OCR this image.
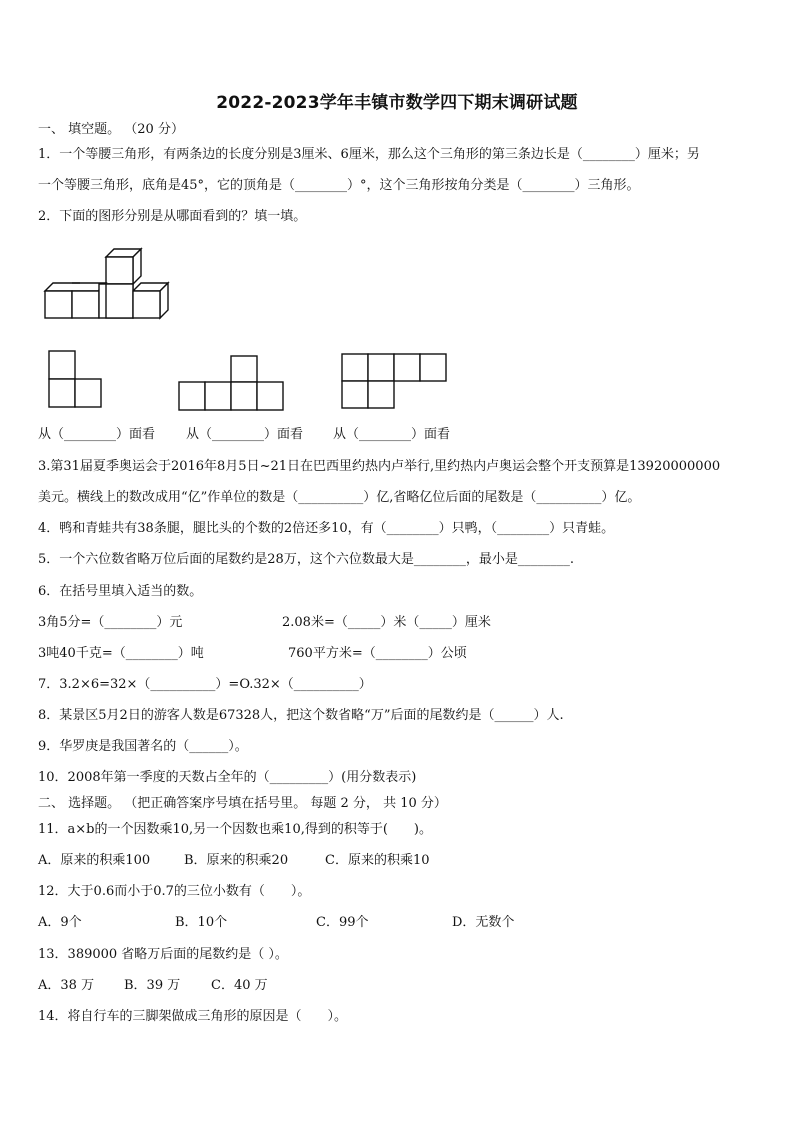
2022-2023学年丰镇市数学四下期末调研试题
一、 填空题。 （20 分）
1．一个等腰三角形，有两条边的长度分别是3厘米、6厘米，那么这个三角形的第三条边长是（________）厘米；另
一个等腰三角形，底角是45°，它的顶角是（________）°，这个三角形按角分类是（________）三角形。
2．下面的图形分别是从哪面看到的？填一填。
从（________）面看 从（________）面看 从（________）面看
3.第31届夏季奥运会于2016年8月5日~21日在巴西里约热内卢举行,里约热内卢奥运会整个开支预算是13920000000
美元。横线上的数改成用“亿”作单位的数是（__________）亿,省略亿位后面的尾数是（__________）亿。
4．鸭和青蛙共有38条腿，腿比头的个数的2倍还多10，有（________）只鸭，（________）只青蛙。
5．一个六位数省略万位后面的尾数约是28万，这个六位数最大是________，最小是________.
6．在括号里填入适当的数。
3角5分=（________）元	2.08米=（_____）米（_____）厘米
3吨40千克=（________）吨	760平方米=（________）公顷
7．3.2×6=32×（__________）=O.32×（__________）
8．某景区5月2日的游客人数是67328人，把这个数省略“万”后面的尾数约是（______）人.
9．华罗庚是我国著名的（______）。
10．2008年第一季度的天数占全年的（_________）(用分数表示)
二、 选择题。 （把正确答案序号填在括号里。 每题 2 分， 共 10 分）
11．a×b的一个因数乘10,另一个因数也乘10,得到的积等于(　　)。
A．原来的积乘100	B．原来的积乘20	C．原来的积乘10
12．大于0.6而小于0.7的三位小数有（　　）。
A．9个	B．10个	C．99个	D．无数个
13．389000 省略万后面的尾数约是（ ）。
A．38 万 B．39 万 C．40 万
14．将自行车的三脚架做成三角形的原因是（　　）。
